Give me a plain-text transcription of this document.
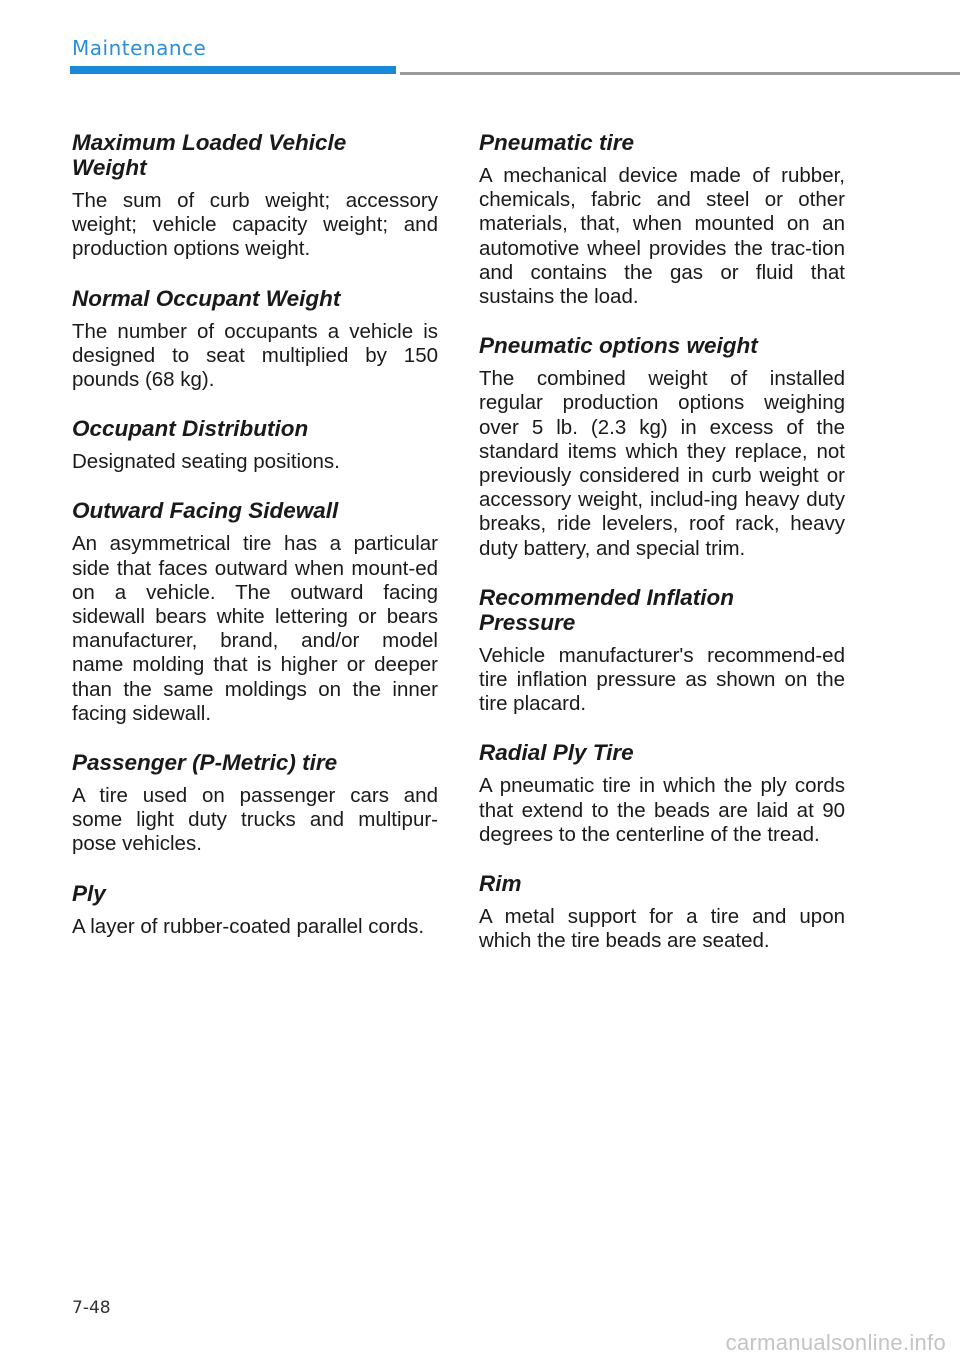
Maintenance
Maximum Loaded Vehicle Weight

The sum of curb weight; accessory weight; vehicle capacity weight; and production options weight.

Normal Occupant Weight

The number of occupants a vehicle is designed to seat multiplied by 150 pounds (68 kg).

Occupant Distribution

Designated seating positions.

Outward Facing Sidewall

An asymmetrical tire has a particular side that faces outward when mount-ed on a vehicle. The outward facing sidewall bears white lettering or bears manufacturer, brand, and/or model name molding that is higher or deeper than the same moldings on the inner facing sidewall.

Passenger (P-Metric) tire

A tire used on passenger cars and some light duty trucks and multipur-pose vehicles.

Ply

A layer of rubber-coated parallel cords.

Pneumatic tire

A mechanical device made of rubber, chemicals, fabric and steel or other materials, that, when mounted on an automotive wheel provides the trac-tion and contains the gas or fluid that sustains the load.

Pneumatic options weight

The combined weight of installed regular production options weighing over 5 lb. (2.3 kg) in excess of the standard items which they replace, not previously considered in curb weight or accessory weight, includ-ing heavy duty breaks, ride levelers, roof rack, heavy duty battery, and special trim.

Recommended Inflation Pressure

Vehicle manufacturer's recommend-ed tire inflation pressure as shown on the tire placard.

Radial Ply Tire

A pneumatic tire in which the ply cords that extend to the beads are laid at 90 degrees to the centerline of the tread.

Rim

A metal support for a tire and upon which the tire beads are seated.

7-48
carmanualsonline.info
